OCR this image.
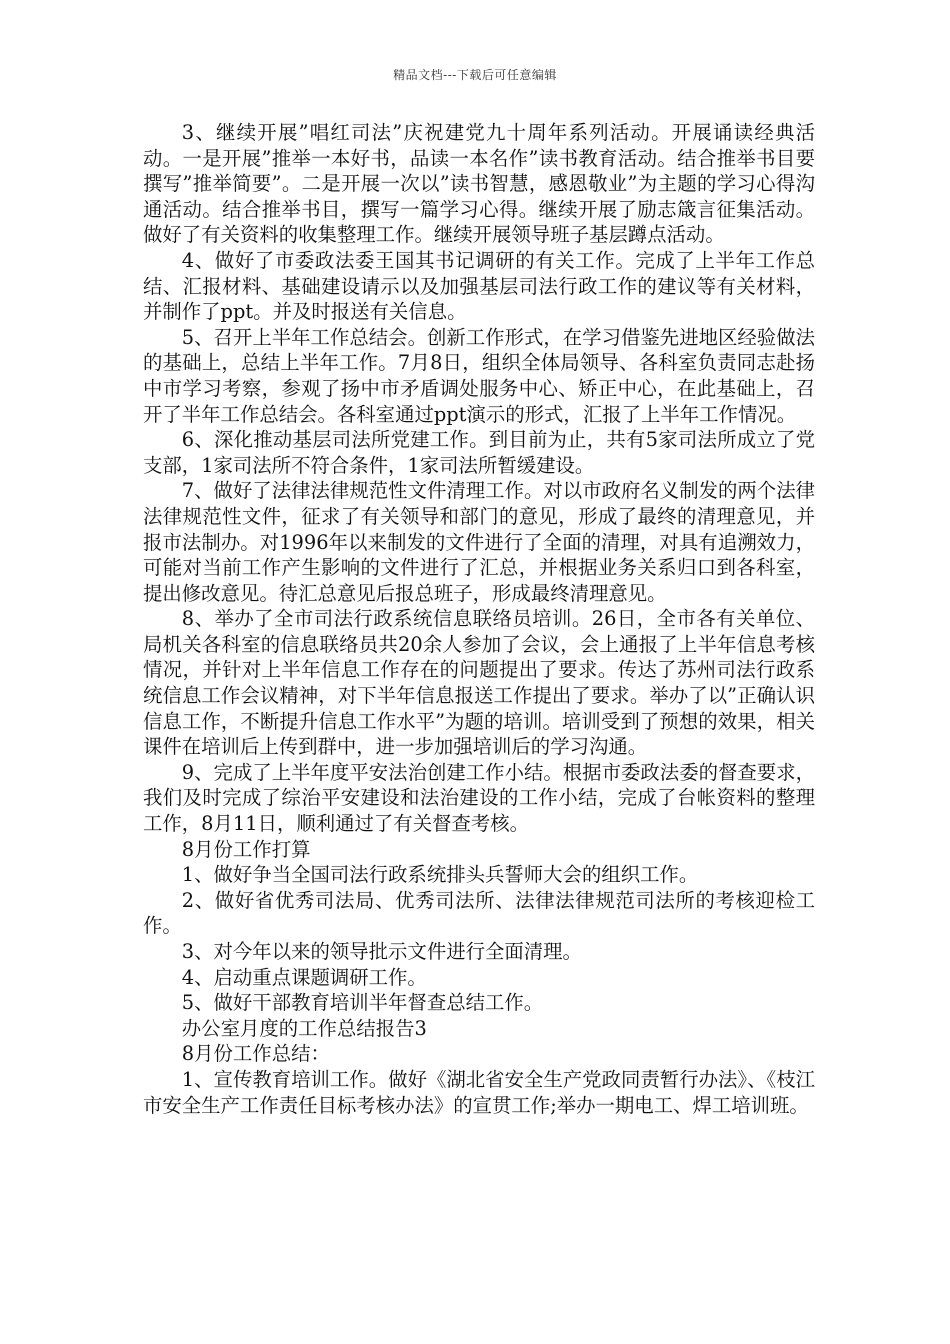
精品文档---下载后可任意编辑

3、继续开展”唱红司法”庆祝建党九十周年系列活动。开展诵读经典活动。一是开展”推举一本好书，品读一本名作”读书教育活动。结合推举书目要撰写”推举简要”。二是开展一次以”读书智慧，感恩敬业”为主题的学习心得沟通活动。结合推举书目，撰写一篇学习心得。继续开展了励志箴言征集活动。做好了有关资料的收集整理工作。继续开展领导班子基层蹲点活动。

4、做好了市委政法委王国其书记调研的有关工作。完成了上半年工作总结、汇报材料、基础建设请示以及加强基层司法行政工作的建议等有关材料，并制作了ppt。并及时报送有关信息。

5、召开上半年工作总结会。创新工作形式，在学习借鉴先进地区经验做法的基础上，总结上半年工作。7月8日，组织全体局领导、各科室负责同志赴扬中市学习考察，参观了扬中市矛盾调处服务中心、矫正中心，在此基础上，召开了半年工作总结会。各科室通过ppt演示的形式，汇报了上半年工作情况。

6、深化推动基层司法所党建工作。到目前为止，共有5家司法所成立了党支部，1家司法所不符合条件，1家司法所暂缓建设。

7、做好了法律法律规范性文件清理工作。对以市政府名义制发的两个法律法律规范性文件，征求了有关领导和部门的意见，形成了最终的清理意见，并报市法制办。对1996年以来制发的文件进行了全面的清理，对具有追溯效力，可能对当前工作产生影响的文件进行了汇总，并根据业务关系归口到各科室，提出修改意见。待汇总意见后报总班子，形成最终清理意见。

8、举办了全市司法行政系统信息联络员培训。26日，全市各有关单位、局机关各科室的信息联络员共20余人参加了会议，会上通报了上半年信息考核情况，并针对上半年信息工作存在的问题提出了要求。传达了苏州司法行政系统信息工作会议精神，对下半年信息报送工作提出了要求。举办了以”正确认识信息工作，不断提升信息工作水平”为题的培训。培训受到了预想的效果，相关课件在培训后上传到群中，进一步加强培训后的学习沟通。

9、完成了上半年度平安法治创建工作小结。根据市委政法委的督查要求，我们及时完成了综治平安建设和法治建设的工作小结，完成了台帐资料的整理工作，8月11日，顺利通过了有关督查考核。

8月份工作打算

1、做好争当全国司法行政系统排头兵誓师大会的组织工作。

2、做好省优秀司法局、优秀司法所、法律法律规范司法所的考核迎检工作。

3、对今年以来的领导批示文件进行全面清理。

4、启动重点课题调研工作。

5、做好干部教育培训半年督查总结工作。

办公室月度的工作总结报告3

8月份工作总结：

1、宣传教育培训工作。做好《湖北省安全生产党政同责暂行办法》、《枝江市安全生产工作责任目标考核办法》的宣贯工作;举办一期电工、焊工培训班。
